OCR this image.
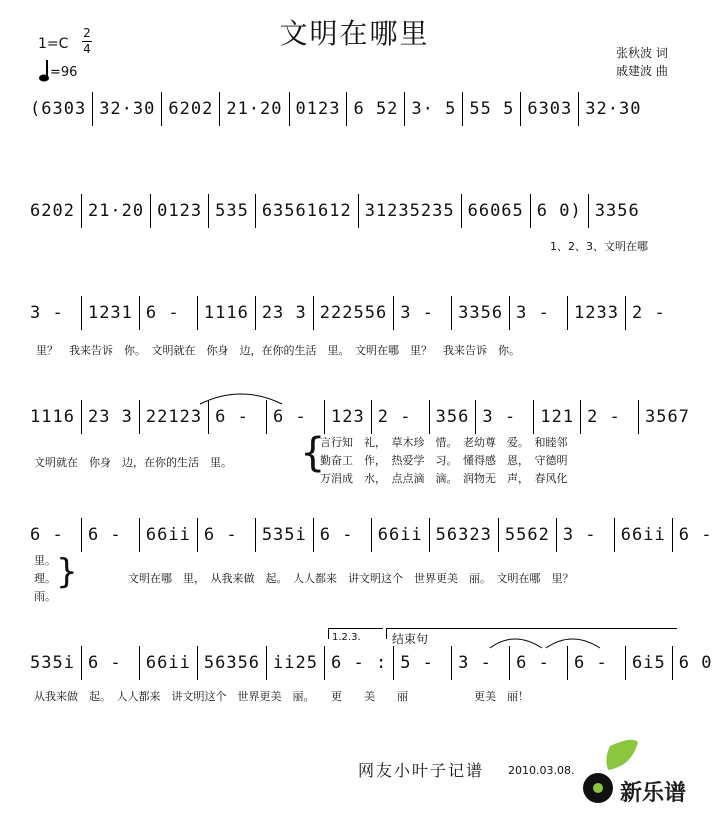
文明在哪里
1=C
2
4
=96
张秋波 词
戚建波 曲
(6303 32·30 6202 21·20 0123 6 52 3· 5 55 5 6303 32·30
6202 21·20 0123 535 63561612 31235235 66065 6 0) 3356
1、2、3、文明在哪
3 - 1231 6 - 1116 23 3 222556 3 - 3356 3 - 1233 2 -
里？　我来告诉　你。　文明就在　你身　边，在你的生活　里。　文明在哪　里？　我来告诉　你。
1116 23 3 22123 6 - 6 - 123 2 - 356 3 - 121 2 - 3567
文明就在　你身　边，在你的生活　里。 {
言行知　礼，　草木珍　惜。　老幼尊　爱。　和睦邻
勤奋工　作，　热爱学　习。　懂得感　恩，　守德明
万涓成　水，　点点滴　滴。　润物无　声，　春风化
6 - 6 - 66ii 6 - 535i 6 - 66ii 56323 5562 3 - 66ii 6 -
里。
理。
雨。
}	文明在哪　里，　从我来做　起。　人人都来　讲文明这个　世界更美　丽。　文明在哪　里？
1.2.3.	结束句
535i 6 - 66ii 56356 ii25 6 - : 5 - 3 - 6 - 6 - 6i5 6 0
从我来做　起。　人人都来　讲文明这个　世界更美　丽。　　更　　美　　丽　　　　　　更美　丽！
网友小叶子记谱 2010.03.08.
新乐谱
